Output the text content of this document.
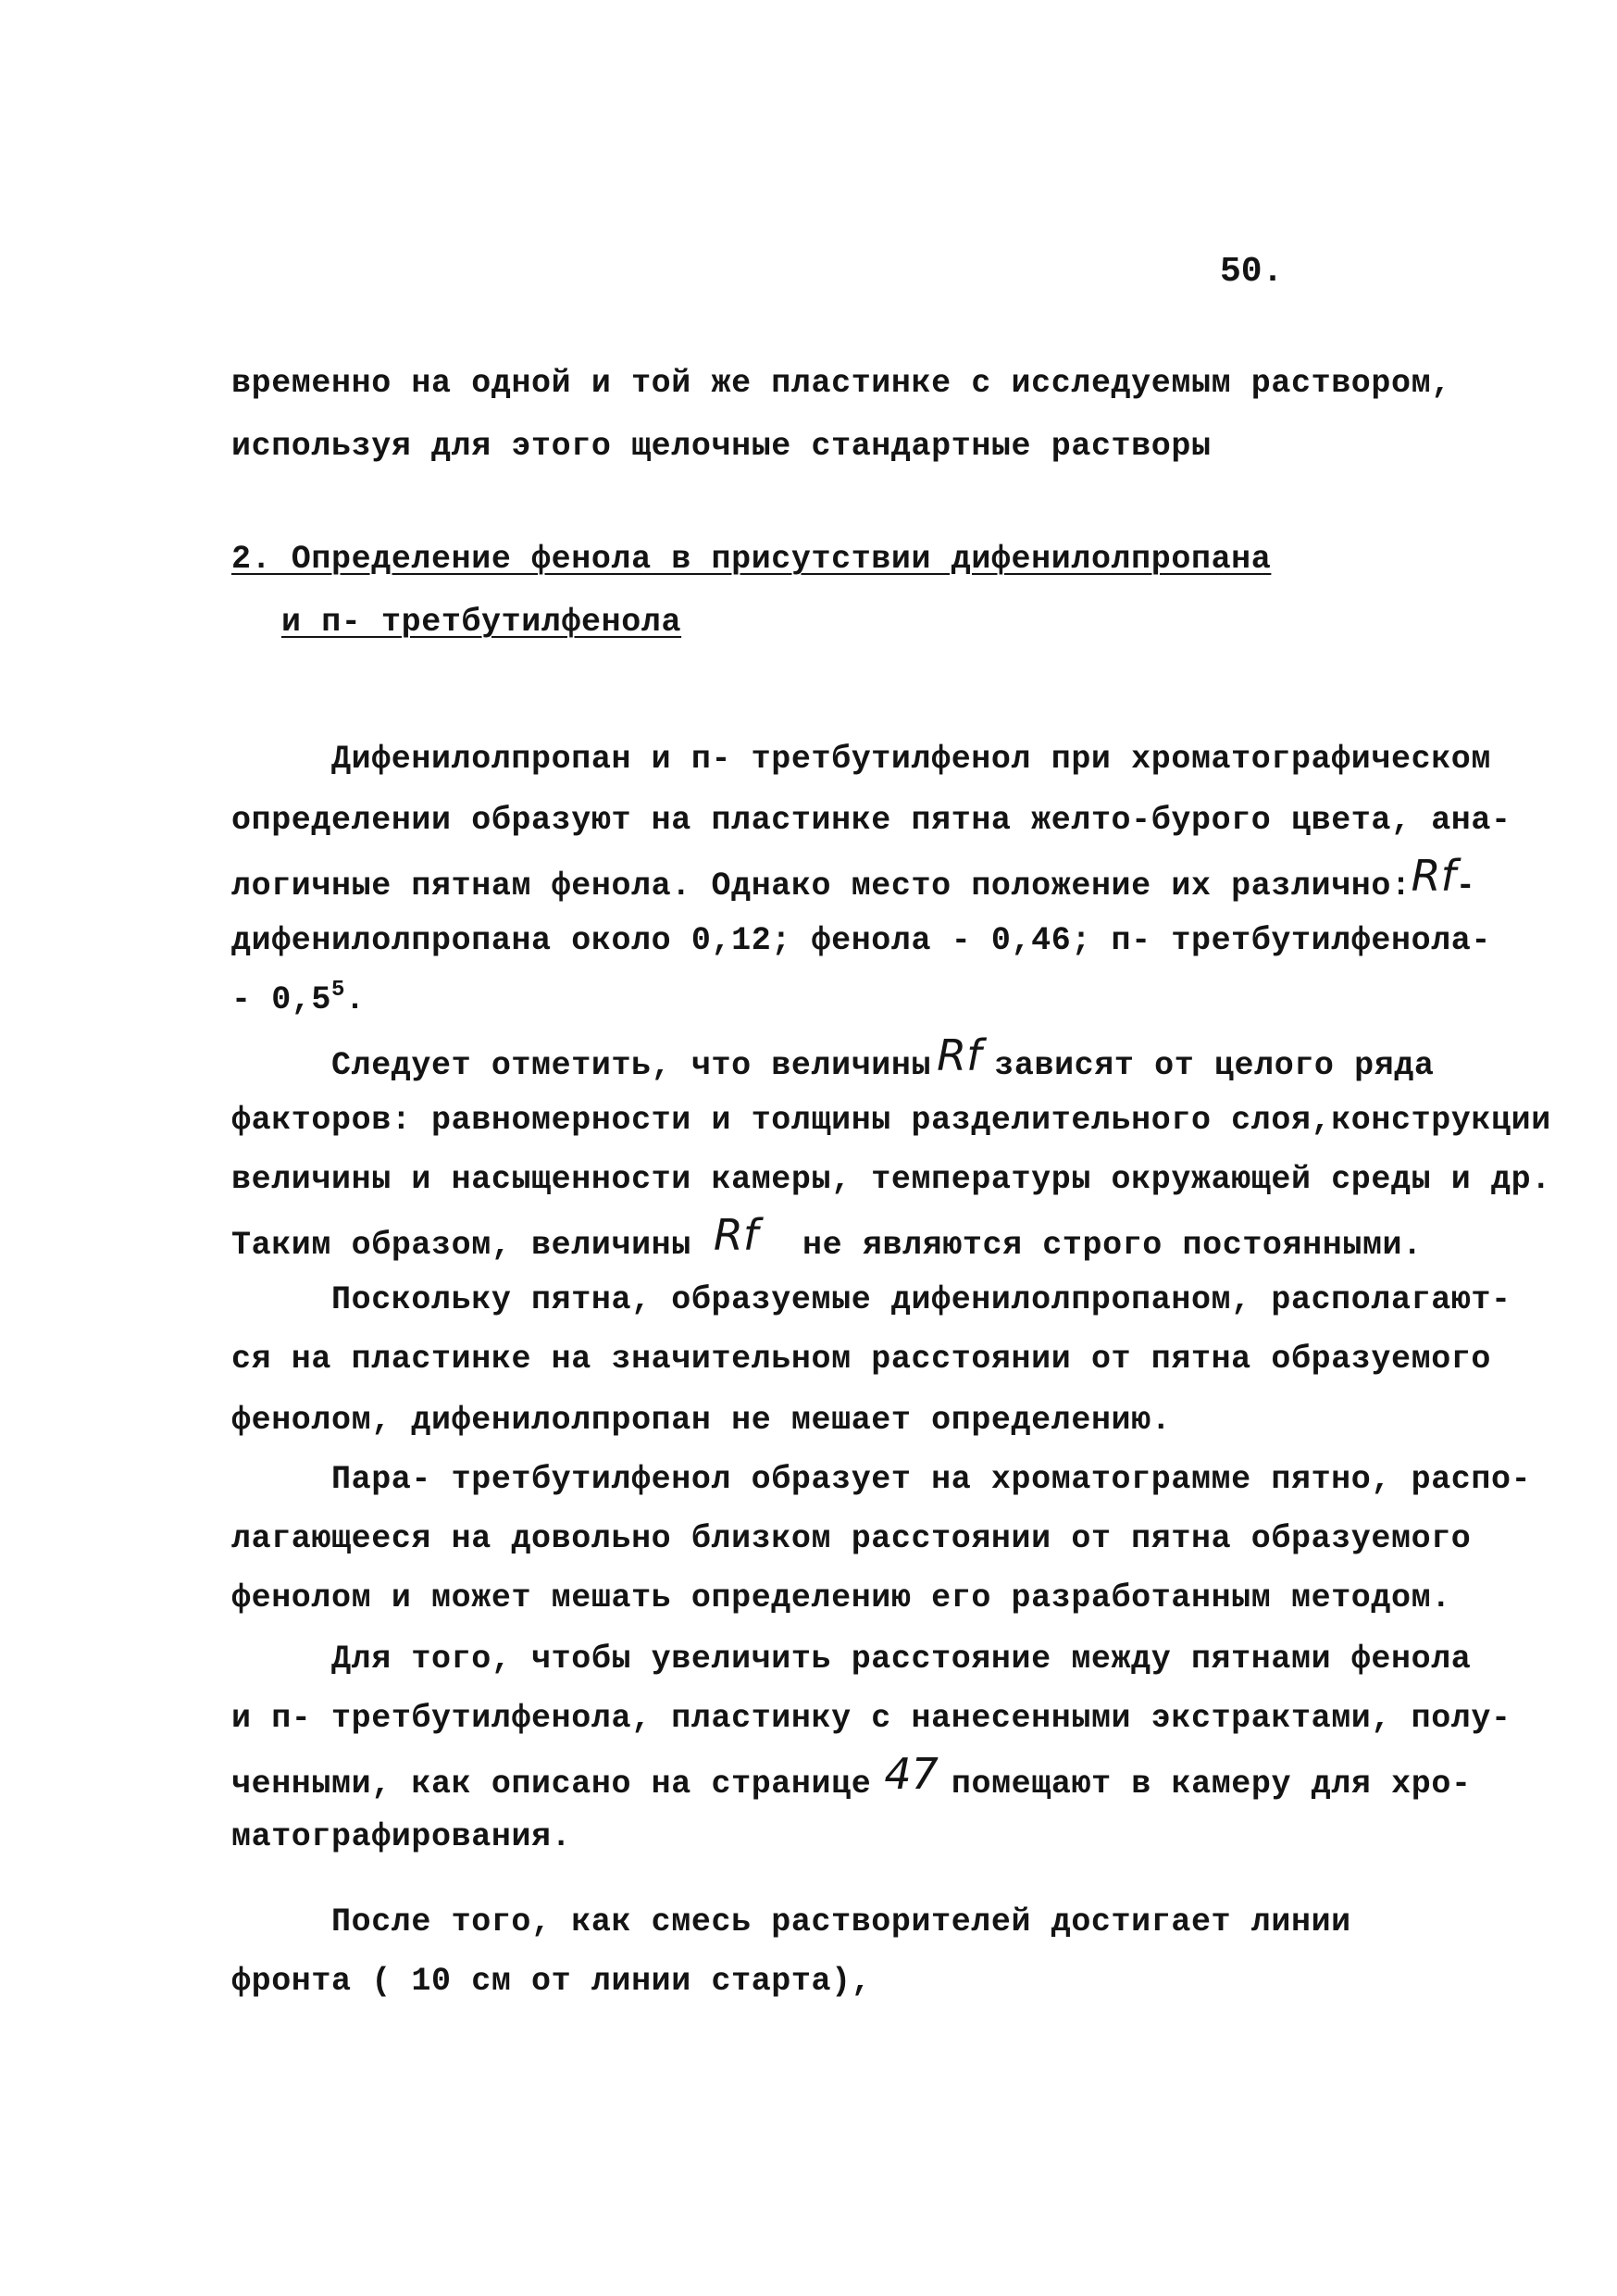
50.
временно на одной и той же пластинке с исследуемым раствором,
используя для этого щелочные стандартные растворы
2. Определение фенола в присутствии дифенилолпропана
и п- третбутилфенола
Дифенилолпропан и п- третбутилфенол при хроматографическом
определении образуют на пластинке пятна желто-бурого цвета, ана-
логичные пятнам фенола. Однако место положение их различно:Rf-
дифенилолпропана около 0,12; фенола - 0,46; п- третбутилфенола-
- $0,5^5$.
Следует отметить, что величины Rf зависят от целого ряда
факторов: равномерности и толщины разделительного слоя,конструкции
величины и насыщенности камеры, температуры окружающей среды и др.
Таким образом, величины Rf не являются строго постоянными.
Поскольку пятна, образуемые дифенилолпропаном, располагают-
ся на пластинке на значительном расстоянии от пятна образуемого
фенолом, дифенилолпропан не мешает определению.
Пара- третбутилфенол образует на хроматограмме пятно, распо-
лагающееся на довольно близком расстоянии от пятна образуемого
фенолом и может мешать определению его разработанным методом.
Для того, чтобы увеличить расстояние между пятнами фенола
и п- третбутилфенола, пластинку с нанесенными экстрактами, полу-
ченными, как описано на странице 47 помещают в камеру для хро-
матографирования.
После того, как смесь растворителей достигает линии
фронта ( 10 см от линии старта),
